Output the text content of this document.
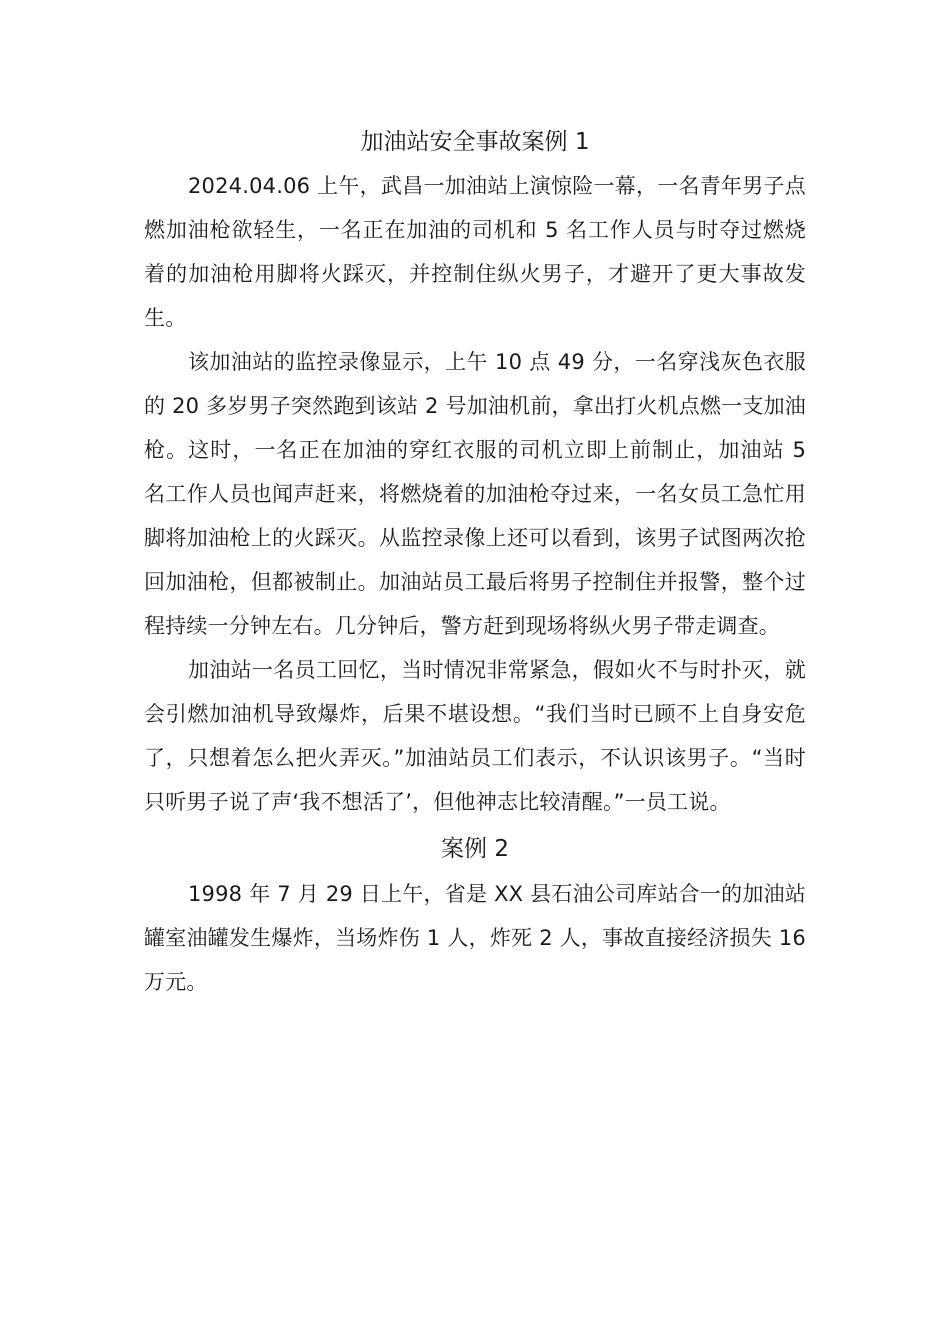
加油站安全事故案例 1

2024.04.06 上午，武昌一加油站上演惊险一幕，一名青年男子点燃加油枪欲轻生，一名正在加油的司机和 5 名工作人员与时夺过燃烧着的加油枪用脚将火踩灭，并控制住纵火男子，才避开了更大事故发生。

该加油站的监控录像显示，上午 10 点 49 分，一名穿浅灰色衣服的 20 多岁男子突然跑到该站 2 号加油机前，拿出打火机点燃一支加油枪。这时，一名正在加油的穿红衣服的司机立即上前制止，加油站 5 名工作人员也闻声赶来，将燃烧着的加油枪夺过来，一名女员工急忙用脚将加油枪上的火踩灭。从监控录像上还可以看到，该男子试图两次抢回加油枪，但都被制止。加油站员工最后将男子控制住并报警，整个过程持续一分钟左右。几分钟后，警方赶到现场将纵火男子带走调查。

加油站一名员工回忆，当时情况非常紧急，假如火不与时扑灭，就会引燃加油机导致爆炸，后果不堪设想。“我们当时已顾不上自身安危了，只想着怎么把火弄灭。”加油站员工们表示，不认识该男子。“当时只听男子说了声‘我不想活了’，但他神志比较清醒。”一员工说。

案例 2

1998 年 7 月 29 日上午，省是 XX 县石油公司库站合一的加油站罐室油罐发生爆炸，当场炸伤 1 人，炸死 2 人，事故直接经济损失 16 万元。
